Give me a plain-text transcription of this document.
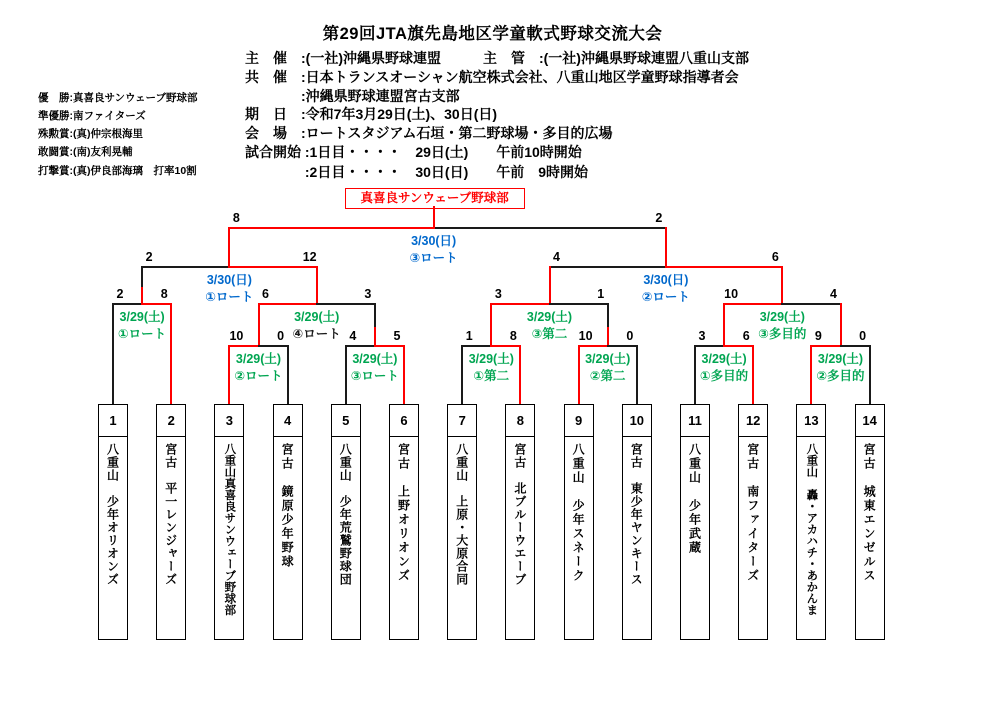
第29回JTA旗先島地区学童軟式野球交流大会
真喜良サンウェーブ野球部
主　催　:(一社)沖縄県野球連盟　　　主　管　:(一社)沖縄県野球連盟八重山支部
共　催　:日本トランスオーシャン航空株式会社、八重山地区学童野球指導者会
　　　　:沖縄県野球連盟宮古支部
期　日　:令和7年3月29日(土)、30日(日)
会　場　:ロートスタジアム石垣・第二野球場・多目的広場
試合開始 :1日目・・・・　29日(土)　　午前10時開始
　　　　 :2日目・・・・　30日(日)　　午前　9時開始
優　勝:真喜良サンウェーブ野球部
準優勝:南ファイターズ
殊勲賞:(真)仲宗根海里
敢闘賞:(南)友利晃輔
打撃賞:(真)伊良部海璃　打率10割
1
八重山　少年オリオンズ
2
宮古　平一レンジャーズ
3
八重山真喜良サンウェーブ野球部
4
宮古　鏡原少年野球
5
八重山　少年荒鷲野球団
6
宮古　上野オリオンズ
7
八重山　上原・大原合同
8
宮古　北ブルーウエーブ
9
八重山　少年スネーク
10
宮古　東少年ヤンキース
11
八重山　少年武蔵
12
宮古　南ファイターズ
13
八重山　轟・アカハチ・あかんま
14
宮古　城東エンゼルス
10	0
3/29(土)
②ロート
4	5
3/29(土)
③ロート
1	8
3/29(土)
①第二
10	0
3/29(土)
②第二
3	6
3/29(土)
①多目的
9	0
3/29(土)
②多目的
2	8
3/29(土)
①ロート
6	3
3/29(土)
④ロート
3	1
3/29(土)
③第二
10	4
3/29(土)
③多目的
2	12
3/30(日)
①ロート
4	6
3/30(日)
②ロート
8	2
3/30(日)
③ロート
